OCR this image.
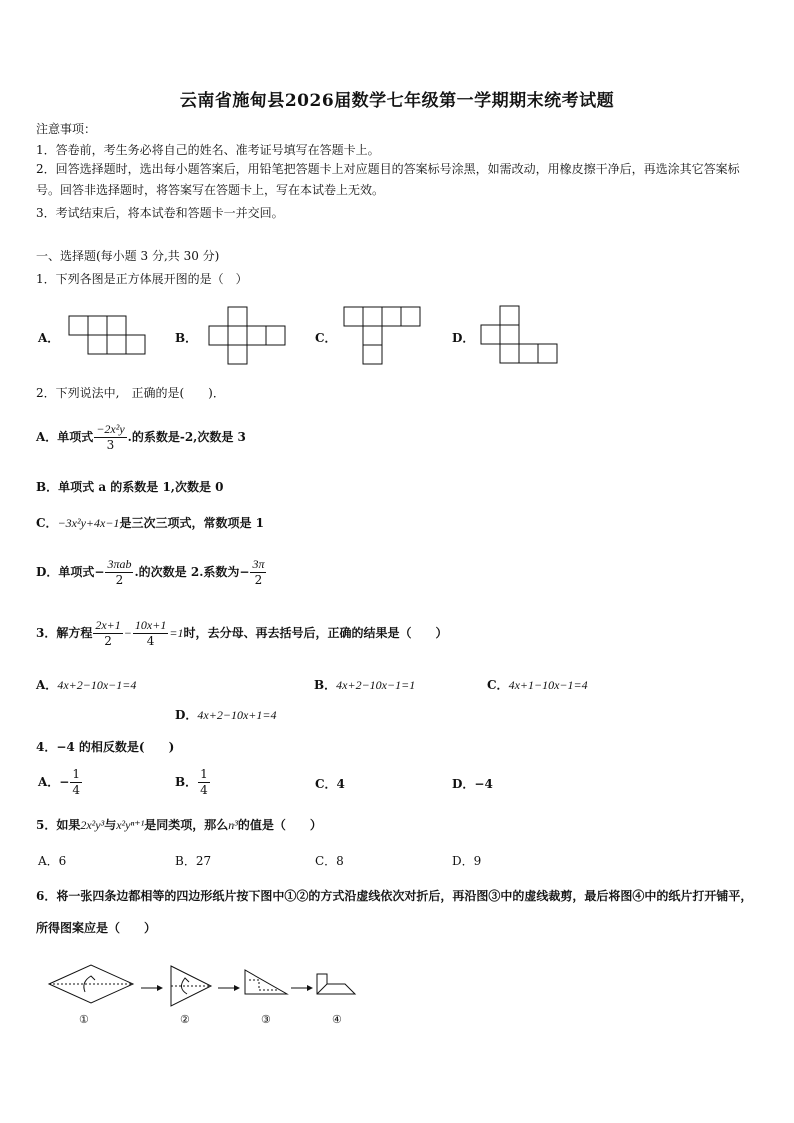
云南省施甸县2026届数学七年级第一学期期末统考试题
注意事项：
1．答卷前，考生务必将自己的姓名、准考证号填写在答题卡上。
2．回答选择题时，选出每小题答案后，用铅笔把答题卡上对应题目的答案标号涂黑，如需改动，用橡皮擦干净后，再选涂其它答案标号。回答非选择题时，将答案写在答题卡上，写在本试卷上无效。
3．考试结束后，将本试卷和答题卡一并交回。
一、选择题(每小题 3 分,共 30 分)
1．下列各图是正方体展开图的是（　）
A．	B．	C．	D．
2．下列说法中,　正确的是(　　)．
A．单项式 $\frac{\text{−2x²y}}{3}$ .的系数是-2,次数是 3
B．单项式 a 的系数是 1,次数是 0
C．−3x²y+4x−1是三次三项式，常数项是 1
D．单项式− $\frac{\text{3πab}}{2}$ .的次数是 2.系数为− $\frac{3\pi}{2}$
3．解方程 $\frac{2x+1}{2} - \frac{10x+1}{4} =1$时，去分母、再去括号后，正确的结果是（　　）
A．4x+2−10x−1=4	B．4x+2−10x−1=1	C．4x+1−10x−1=4
D．4x+2−10x+1=4
4．−4 的相反数是(　　)
A．− $\frac{1}{4}$	B． $\frac{1}{4}$	C．4	D．−4
5．如果2x²y³与x²yⁿ⁺¹是同类项，那么n³的值是（　　）
A．6	B．27	C．8	D．9
6．将一张四条边都相等的四边形纸片按下图中①②的方式沿虚线依次对折后，再沿图③中的虚线裁剪，最后将图④中的纸片打开铺平，所得图案应是（　　）
①	②	③	④
